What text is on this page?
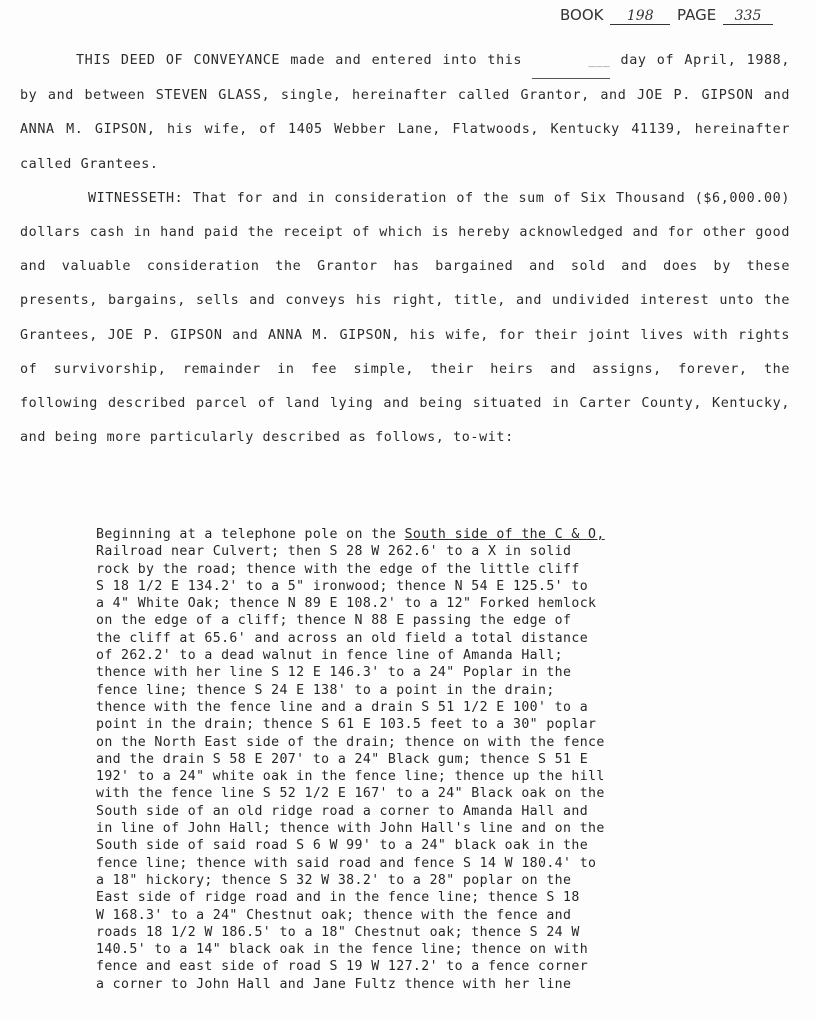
BOOK 198 PAGE 335

THIS DEED OF CONVEYANCE made and entered into this	___ day of April, 1988, by and between STEVEN GLASS, single, hereinafter called Grantor, and JOE P. GIPSON and ANNA M. GIPSON, his wife, of 1405 Webber Lane, Flatwoods, Kentucky 41139, hereinafter called Grantees.

WITNESSETH: That for and in consideration of the sum of Six Thousand ($6,000.00) dollars cash in hand paid the receipt of which is hereby acknowledged and for other good and valuable consideration the Grantor has bargained and sold and does by these presents, bargains, sells and conveys his right, title, and undivided interest unto the Grantees, JOE P. GIPSON and ANNA M. GIPSON, his wife, for their joint lives with rights of survivorship, remainder in fee simple, their heirs and assigns, forever, the following described parcel of land lying and being situated in Carter County, Kentucky, and being more particularly described as follows, to-wit:

Beginning at a telephone pole on the South side of the C & O,
Railroad near Culvert; then S 28 W 262.6' to a X in solid
rock by the road; thence with the edge of the little cliff
S 18 1/2 E 134.2' to a 5" ironwood; thence N 54 E 125.5' to
a 4" White Oak; thence N 89 E 108.2' to a 12" Forked hemlock
on the edge of a cliff; thence N 88 E passing the edge of
the cliff at 65.6' and across an old field a total distance
of 262.2' to a dead walnut in fence line of Amanda Hall;
thence with her line S 12 E 146.3' to a 24" Poplar in the
fence line; thence S 24 E 138' to a point in the drain;
thence with the fence line and a drain S 51 1/2 E 100' to a
point in the drain; thence S 61 E 103.5 feet to a 30" poplar
on the North East side of the drain; thence on with the fence
and the drain S 58 E 207' to a 24" Black gum; thence S 51 E
192' to a 24" white oak in the fence line; thence up the hill
with the fence line S 52 1/2 E 167' to a 24" Black oak on the
South side of an old ridge road a corner to Amanda Hall and
in line of John Hall; thence with John Hall's line and on the
South side of said road S 6 W 99' to a 24" black oak in the
fence line; thence with said road and fence S 14 W 180.4' to
a 18" hickory; thence S 32 W 38.2' to a 28" poplar on the
East side of ridge road and in the fence line; thence S 18
W 168.3' to a 24" Chestnut oak; thence with the fence and
roads 18 1/2 W 186.5' to a 18" Chestnut oak; thence S 24 W
140.5' to a 14" black oak in the fence line; thence on with
fence and east side of road S 19 W 127.2' to a fence corner
a corner to John Hall and Jane Fultz thence with her line
